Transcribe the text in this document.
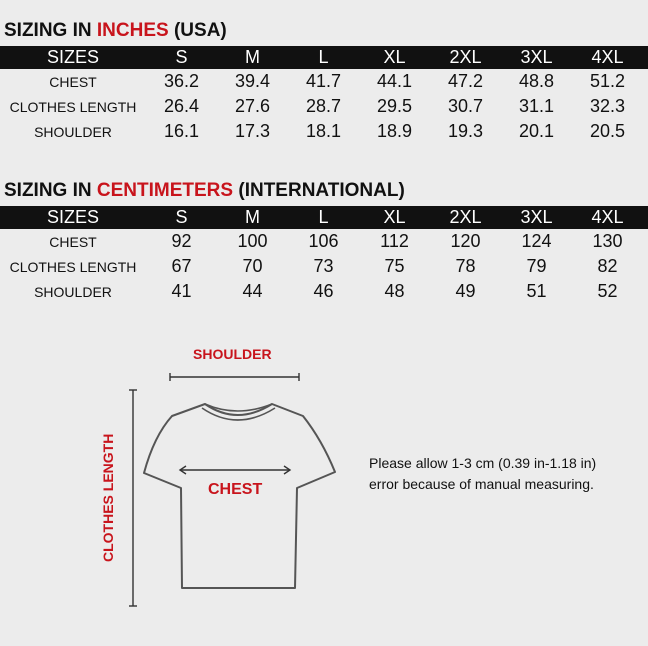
SIZING IN INCHES (USA)
SIZES	S	M	L	XL	2XL	3XL	4XL
CHEST	36.2	39.4	41.7	44.1	47.2	48.8	51.2
CLOTHES LENGTH	26.4	27.6	28.7	29.5	30.7	31.1	32.3
SHOULDER	16.1	17.3	18.1	18.9	19.3	20.1	20.5
SIZING IN CENTIMETERS (INTERNATIONAL)
SIZES	S	M	L	XL	2XL	3XL	4XL
CHEST	92	100	106	112	120	124	130
CLOTHES LENGTH	67	70	73	75	78	79	82
SHOULDER	41	44	46	48	49	51	52
SHOULDER
CHEST
CLOTHES LENGTH	Please allow 1-3 cm (0.39 in-1.18 in)
error because of manual measuring.
